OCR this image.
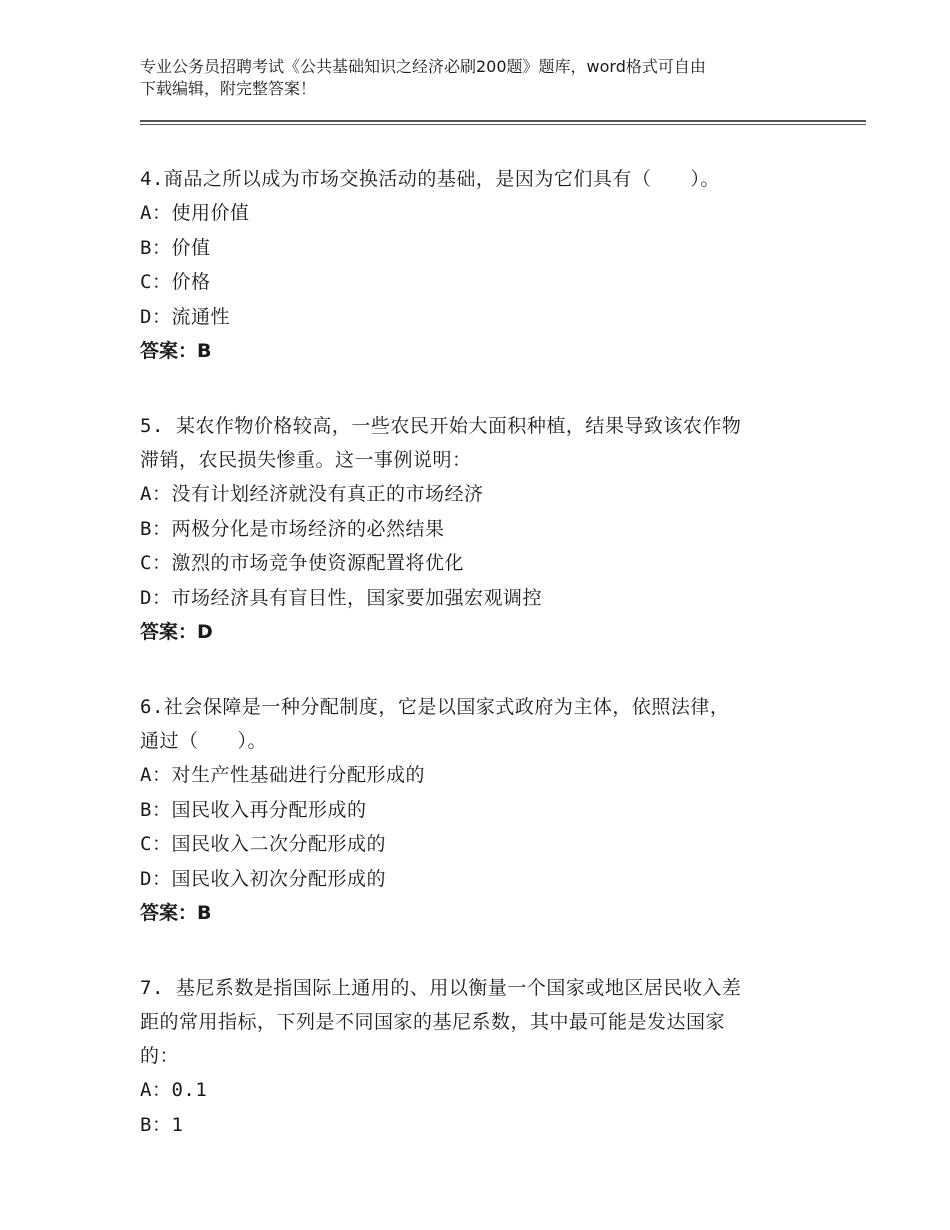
专业公务员招聘考试《公共基础知识之经济必刷200题》题库，word格式可自由
下载编辑，附完整答案！

4.商品之所以成为市场交换活动的基础，是因为它们具有（　　）。

A：使用价值

B：价值

C：价格

D：流通性

答案：B

5. 某农作物价格较高，一些农民开始大面积种植，结果导致该农作物

滞销，农民损失惨重。这一事例说明：

A：没有计划经济就没有真正的市场经济

B：两极分化是市场经济的必然结果

C：激烈的市场竞争使资源配置将优化

D：市场经济具有盲目性，国家要加强宏观调控

答案：D

6.社会保障是一种分配制度，它是以国家式政府为主体，依照法律，

通过（　　）。

A：对生产性基础进行分配形成的

B：国民收入再分配形成的

C：国民收入二次分配形成的

D：国民收入初次分配形成的

答案：B

7. 基尼系数是指国际上通用的、用以衡量一个国家或地区居民收入差

距的常用指标，下列是不同国家的基尼系数，其中最可能是发达国家

的：

A：0.1

B：1
